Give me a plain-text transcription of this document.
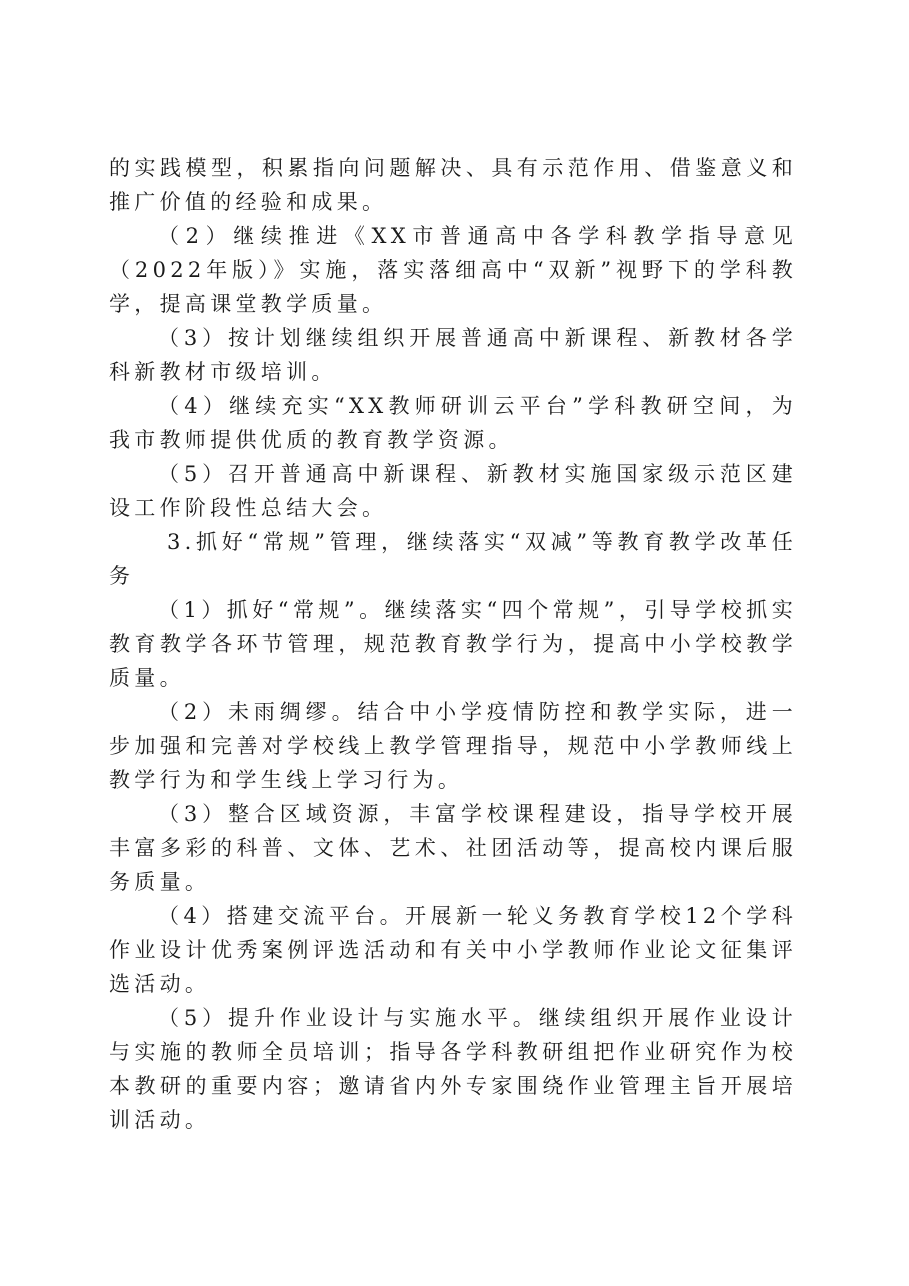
的实践模型，积累指向问题解决、具有示范作用、借鉴意义和推广价值的经验和成果。

（2）继续推进《XX市普通高中各学科教学指导意见（2022年版）》实施，落实落细高中“双新”视野下的学科教学，提高课堂教学质量。

（3）按计划继续组织开展普通高中新课程、新教材各学科新教材市级培训。

（4）继续充实“XX教师研训云平台”学科教研空间，为我市教师提供优质的教育教学资源。

（5）召开普通高中新课程、新教材实施国家级示范区建设工作阶段性总结大会。

3.抓好“常规”管理，继续落实“双减”等教育教学改革任务

（1）抓好“常规”。继续落实“四个常规”，引导学校抓实教育教学各环节管理，规范教育教学行为，提高中小学校教学质量。

（2）未雨绸缪。结合中小学疫情防控和教学实际，进一步加强和完善对学校线上教学管理指导，规范中小学教师线上教学行为和学生线上学习行为。

（3）整合区域资源，丰富学校课程建设，指导学校开展丰富多彩的科普、文体、艺术、社团活动等，提高校内课后服务质量。

（4）搭建交流平台。开展新一轮义务教育学校12个学科作业设计优秀案例评选活动和有关中小学教师作业论文征集评选活动。

（5）提升作业设计与实施水平。继续组织开展作业设计与实施的教师全员培训；指导各学科教研组把作业研究作为校本教研的重要内容；邀请省内外专家围绕作业管理主旨开展培训活动。
